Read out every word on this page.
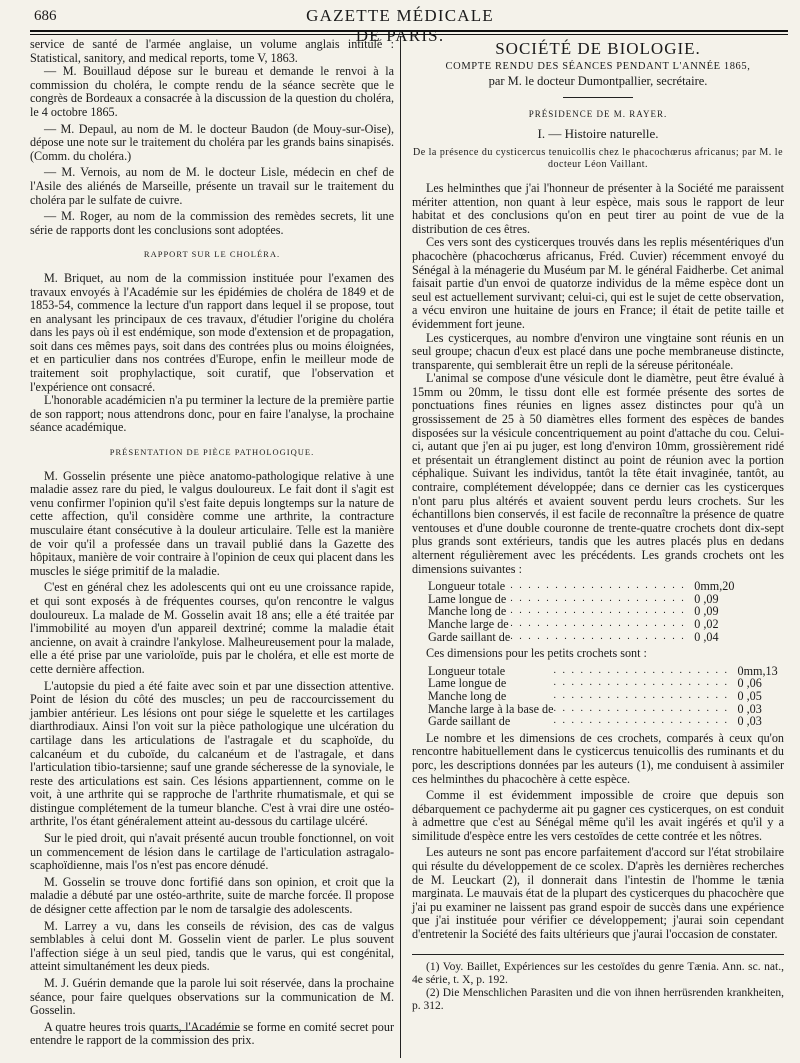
686	GAZETTE MÉDICALE DE PARIS.

service de santé de l'armée anglaise, un volume anglais intitulé : Statistical, sanitory, and medical reports, tome V, 1863.

— M. Bouillaud dépose sur le bureau et demande le renvoi à la commission du choléra, le compte rendu de la séance secrète que le congrès de Bordeaux a consacrée à la discussion de la question du choléra, le 4 octobre 1865.

— M. Depaul, au nom de M. le docteur Baudon (de Mouy-sur-Oise), dépose une note sur le traitement du choléra par les grands bains sinapisés. (Comm. du choléra.)

— M. Vernois, au nom de M. le docteur Lisle, médecin en chef de l'Asile des aliénés de Marseille, présente un travail sur le traitement du choléra par le sulfate de cuivre.

— M. Roger, au nom de la commission des remèdes secrets, lit une série de rapports dont les conclusions sont adoptées.

RAPPORT SUR LE CHOLÉRA.

M. Briquet, au nom de la commission instituée pour l'examen des travaux envoyés à l'Académie sur les épidémies de choléra de 1849 et de 1853-54, commence la lecture d'un rapport dans lequel il se propose, tout en analysant les principaux de ces travaux, d'étudier l'origine du choléra dans les pays où il est endémique, son mode d'extension et de propagation, soit dans ces mêmes pays, soit dans des contrées plus ou moins éloignées, et en particulier dans nos contrées d'Europe, enfin le meilleur mode de traitement soit prophylactique, soit curatif, que l'observation et l'expérience ont consacré.

L'honorable académicien n'a pu terminer la lecture de la première partie de son rapport; nous attendrons donc, pour en faire l'analyse, la prochaine séance académique.

PRÉSENTATION DE PIÈCE PATHOLOGIQUE.

M. Gosselin présente une pièce anatomo-pathologique relative à une maladie assez rare du pied, le valgus douloureux. Le fait dont il s'agit est venu confirmer l'opinion qu'il s'est faite depuis longtemps sur la nature de cette affection, qu'il considère comme une arthrite, la contracture musculaire étant consécutive à la douleur articulaire. Telle est la manière de voir qu'il a professée dans un travail publié dans la Gazette des hôpitaux, manière de voir contraire à l'opinion de ceux qui placent dans les muscles le siége primitif de la maladie.

C'est en général chez les adolescents qui ont eu une croissance rapide, et qui sont exposés à de fréquentes courses, qu'on rencontre le valgus douloureux. La malade de M. Gosselin avait 18 ans; elle a été traitée par l'immobilité au moyen d'un appareil dextriné; comme la maladie était ancienne, on avait à craindre l'ankylose. Malheureusement pour la malade, elle a été prise par une varioloïde, puis par le choléra, et elle est morte de cette dernière affection.

L'autopsie du pied a été faite avec soin et par une dissection attentive. Point de lésion du côté des muscles; un peu de raccourcissement du jambier antérieur. Les lésions ont pour siége le squelette et les cartilages diarthrodiaux. Ainsi l'on voit sur la pièce pathologique une ulcération du cartilage dans les articulations de l'astragale et du scaphoïde, du calcanéum et du cuboïde, du calcanéum et de l'astragale, et dans l'articulation tibio-tarsienne; sauf une grande sécheresse de la synoviale, le reste des articulations est sain. Ces lésions appartiennent, comme on le voit, à une arthrite qui se rapproche de l'arthrite rhumatismale, et qui se distingue complétement de la tumeur blanche. C'est à vrai dire une ostéo-arthrite, l'os étant généralement atteint au-dessous du cartilage ulcéré.

Sur le pied droit, qui n'avait présenté aucun trouble fonctionnel, on voit un commencement de lésion dans le cartilage de l'articulation astragalo-scaphoïdienne, mais l'os n'est pas encore dénudé.

M. Gosselin se trouve donc fortifié dans son opinion, et croit que la maladie a débuté par une ostéo-arthrite, suite de marche forcée. Il propose de désigner cette affection par le nom de tarsalgie des adolescents.

M. Larrey a vu, dans les conseils de révision, des cas de valgus semblables à celui dont M. Gosselin vient de parler. Le plus souvent l'affection siége à un seul pied, tandis que le varus, qui est congénital, atteint simultanément les deux pieds.

M. J. Guérin demande que la parole lui soit réservée, dans la prochaine séance, pour faire quelques observations sur la communication de M. Gosselin.

A quatre heures trois quarts, l'Académie se forme en comité secret pour entendre le rapport de la commission des prix.

SOCIÉTÉ DE BIOLOGIE.
COMPTE RENDU DES SÉANCES PENDANT L'ANNÉE 1865,
par M. le docteur Dumontpallier, secrétaire.
PRÉSIDENCE DE M. RAYER.
I. — Histoire naturelle.
De la présence du cysticercus tenuicollis chez le phacochœrus africanus; par M. le docteur Léon Vaillant.

Les helminthes que j'ai l'honneur de présenter à la Société me paraissent mériter attention, non quant à leur espèce, mais sous le rapport de leur habitat et des conclusions qu'on en peut tirer au point de vue de la distribution de ces êtres.

Ces vers sont des cysticerques trouvés dans les replis mésentériques d'un phacochère (phacochœrus africanus, Fréd. Cuvier) récemment envoyé du Sénégal à la ménagerie du Muséum par M. le général Faidherbe. Cet animal faisait partie d'un envoi de quatorze individus de la même espèce dont un seul est actuellement survivant; celui-ci, qui est le sujet de cette observation, a vécu environ une huitaine de jours en France; il était de petite taille et évidemment fort jeune.

Les cysticerques, au nombre d'environ une vingtaine sont réunis en un seul groupe; chacun d'eux est placé dans une poche membraneuse distincte, transparente, qui semblerait être un repli de la séreuse péritonéale.

L'animal se compose d'une vésicule dont le diamètre, peut être évalué à 15mm ou 20mm, le tissu dont elle est formée présente des sortes de ponctuations fines réunies en lignes assez distinctes pour qu'à un grossissement de 25 à 50 diamètres elles forment des espèces de bandes disposées sur la vésicule concentriquement au point d'attache du cou. Celui-ci, autant que j'en ai pu juger, est long d'environ 10mm, grossièrement ridé et présentait un étranglement distinct au point de réunion avec la portion céphalique. Suivant les individus, tantôt la tête était invaginée, tantôt, au contraire, complétement développée; dans ce dernier cas les cysticerques n'ont paru plus altérés et avaient souvent perdu leurs crochets. Sur les échantillons bien conservés, il est facile de reconnaître la présence de quatre ventouses et d'une double couronne de trente-quatre crochets dont dix-sept plus grands sont extérieurs, tandis que les autres placés plus en dedans alternent régulièrement avec les précédents. Les grands crochets ont les dimensions suivantes :

Longueur totale	. . . . . . . . . . . . . . . . . . . .	0mm,20
Lame longue de	. . . . . . . . . . . . . . . . . . . .	0 ,09
Manche long de	. . . . . . . . . . . . . . . . . . . .	0 ,09
Manche large de	. . . . . . . . . . . . . . . . . . . .	0 ,02
Garde saillant de	. . . . . . . . . . . . . . . . . . . .	0 ,04

Ces dimensions pour les petits crochets sont :

Longueur totale	. . . . . . . . . . . . . . . . . . . .	0mm,13
Lame longue de	. . . . . . . . . . . . . . . . . . . .	0 ,06
Manche long de	. . . . . . . . . . . . . . . . . . . .	0 ,05
Manche large à la base de	. . . . . . . . . . . . . . . . . . . .	0 ,03
Garde saillant de	. . . . . . . . . . . . . . . . . . . .	0 ,03

Le nombre et les dimensions de ces crochets, comparés à ceux qu'on rencontre habituellement dans le cysticercus tenuicollis des ruminants et du porc, les descriptions données par les auteurs (1), me conduisent à assimiler ces helminthes du phacochère à cette espèce.

Comme il est évidemment impossible de croire que depuis son débarquement ce pachyderme ait pu gagner ces cysticerques, on est conduit à admettre que c'est au Sénégal même qu'il les avait ingérés et qu'il y a similitude d'espèce entre les vers cestoïdes de cette contrée et les nôtres.

Les auteurs ne sont pas encore parfaitement d'accord sur l'état strobilaire qui résulte du développement de ce scolex. D'après les dernières recherches de M. Leuckart (2), il donnerait dans l'intestin de l'homme le tænia marginata. Le mauvais état de la plupart des cysticerques du phacochère que j'ai pu examiner ne laissent pas grand espoir de succès dans une expérience que j'ai instituée pour vérifier ce développement; j'aurai soin cependant d'entretenir la Société des faits ultérieurs que j'aurai l'occasion de constater.

(1) Voy. Baillet, Expériences sur les cestoïdes du genre Tænia. Ann. sc. nat., 4e série, t. X, p. 192.

(2) Die Menschlichen Parasiten und die von ihnen herrüsrenden krankheiten, p. 312.
